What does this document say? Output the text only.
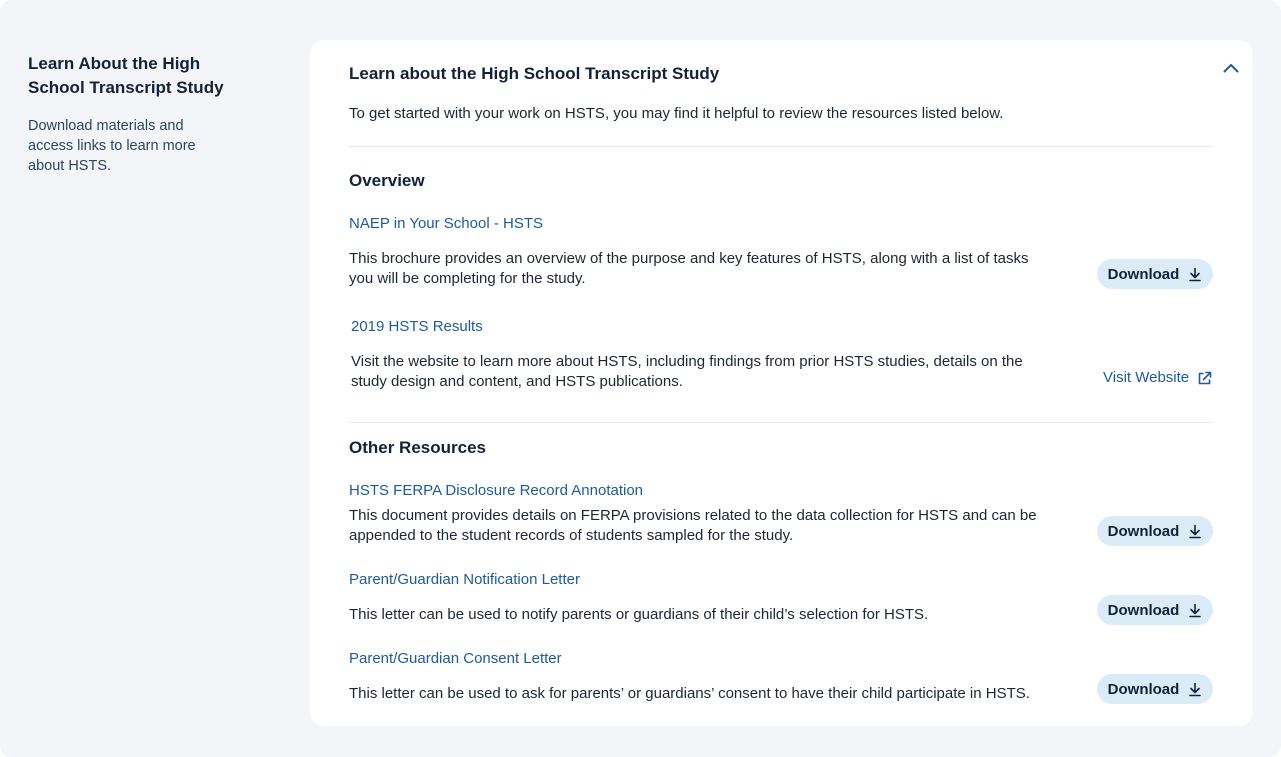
Learn About the High School Transcript Study

Download materials and access links to learn more about HSTS.

Learn about the High School Transcript Study

To get started with your work on HSTS, you may find it helpful to review the resources listed below.

Overview
NAEP in Your School - HSTS

This brochure provides an overview of the purpose and key features of HSTS, along with a list of tasks you will be completing for the study.	Download
2019 HSTS Results

Visit the website to learn more about HSTS, including findings from prior HSTS studies, details on the study design and content, and HSTS publications.	Visit Website
Other Resources
HSTS FERPA Disclosure Record Annotation

This document provides details on FERPA provisions related to the data collection for HSTS and can be appended to the student records of students sampled for the study.	Download
Parent/Guardian Notification Letter

This letter can be used to notify parents or guardians of their child’s selection for HSTS.	Download
Parent/Guardian Consent Letter

This letter can be used to ask for parents’ or guardians’ consent to have their child participate in HSTS.	Download
